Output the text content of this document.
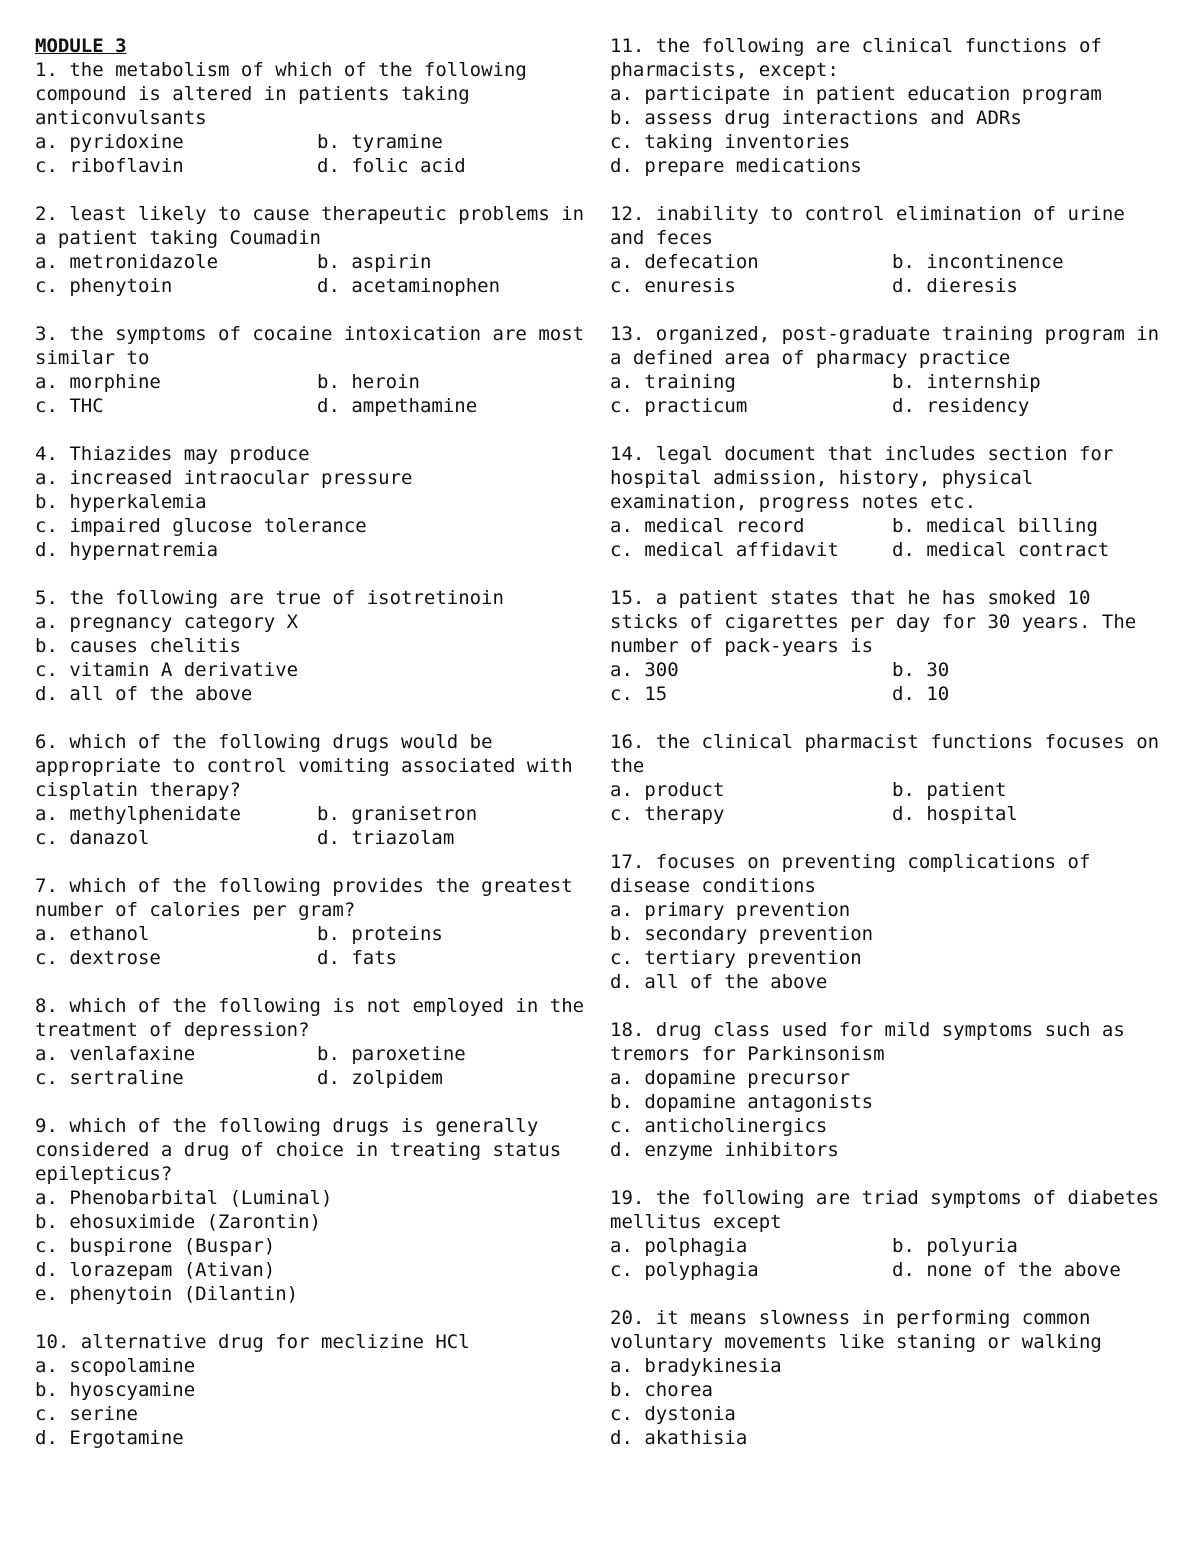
MODULE 3
1. the metabolism of which of the following compound is altered in patients taking anticonvulsants
a. pyridoxine	b. tyramine
c. riboflavin	d. folic acid
2. least likely to cause therapeutic problems in a patient taking Coumadin
a. metronidazole	b. aspirin
c. phenytoin	d. acetaminophen
3. the symptoms of cocaine intoxication are most similar to
a. morphine	b. heroin
c. THC	d. ampethamine
4. Thiazides may produce
a. increased intraocular pressure
b. hyperkalemia
c. impaired glucose tolerance
d. hypernatremia
5. the following are true of isotretinoin
a. pregnancy category X
b. causes chelitis
c. vitamin A derivative
d. all of the above
6. which of the following drugs would be appropriate to control vomiting associated with cisplatin therapy?
a. methylphenidate	b. granisetron
c. danazol	d. triazolam
7. which of the following provides the greatest number of calories per gram?
a. ethanol	b. proteins
c. dextrose	d. fats
8. which of the following is not employed in the treatment of depression?
a. venlafaxine	b. paroxetine
c. sertraline	d. zolpidem
9. which of the following drugs is generally considered a drug of choice in treating status epilepticus?
a. Phenobarbital (Luminal)
b. ehosuximide (Zarontin)
c. buspirone (Buspar)
d. lorazepam (Ativan)
e. phenytoin (Dilantin)
10. alternative drug for meclizine HCl
a. scopolamine
b. hyoscyamine
c. serine
d. Ergotamine
11. the following are clinical functions of pharmacists, except:
a. participate in patient education program
b. assess drug interactions and ADRs
c. taking inventories
d. prepare medications
12. inability to control elimination of urine and feces
a. defecation	b. incontinence
c. enuresis	d. dieresis
13. organized, post-graduate training program in a defined area of pharmacy practice
a. training	b. internship
c. practicum	d. residency
14. legal document that includes section for hospital admission, history, physical examination, progress notes etc.
a. medical record	b. medical billing
c. medical affidavit	d. medical contract
15. a patient states that he has smoked 10 sticks of cigarettes per day for 30 years. The number of pack-years is
a. 300	b. 30
c. 15	d. 10
16. the clinical pharmacist functions focuses on the
a. product	b. patient
c. therapy	d. hospital
17. focuses on preventing complications of disease conditions
a. primary prevention
b. secondary prevention
c. tertiary prevention
d. all of the above
18. drug class used for mild symptoms such as tremors for Parkinsonism
a. dopamine precursor
b. dopamine antagonists
c. anticholinergics
d. enzyme inhibitors
19. the following are triad symptoms of diabetes mellitus except
a. polphagia	b. polyuria
c. polyphagia	d. none of the above
20. it means slowness in performing common voluntary movements like staning or walking
a. bradykinesia
b. chorea
c. dystonia
d. akathisia
